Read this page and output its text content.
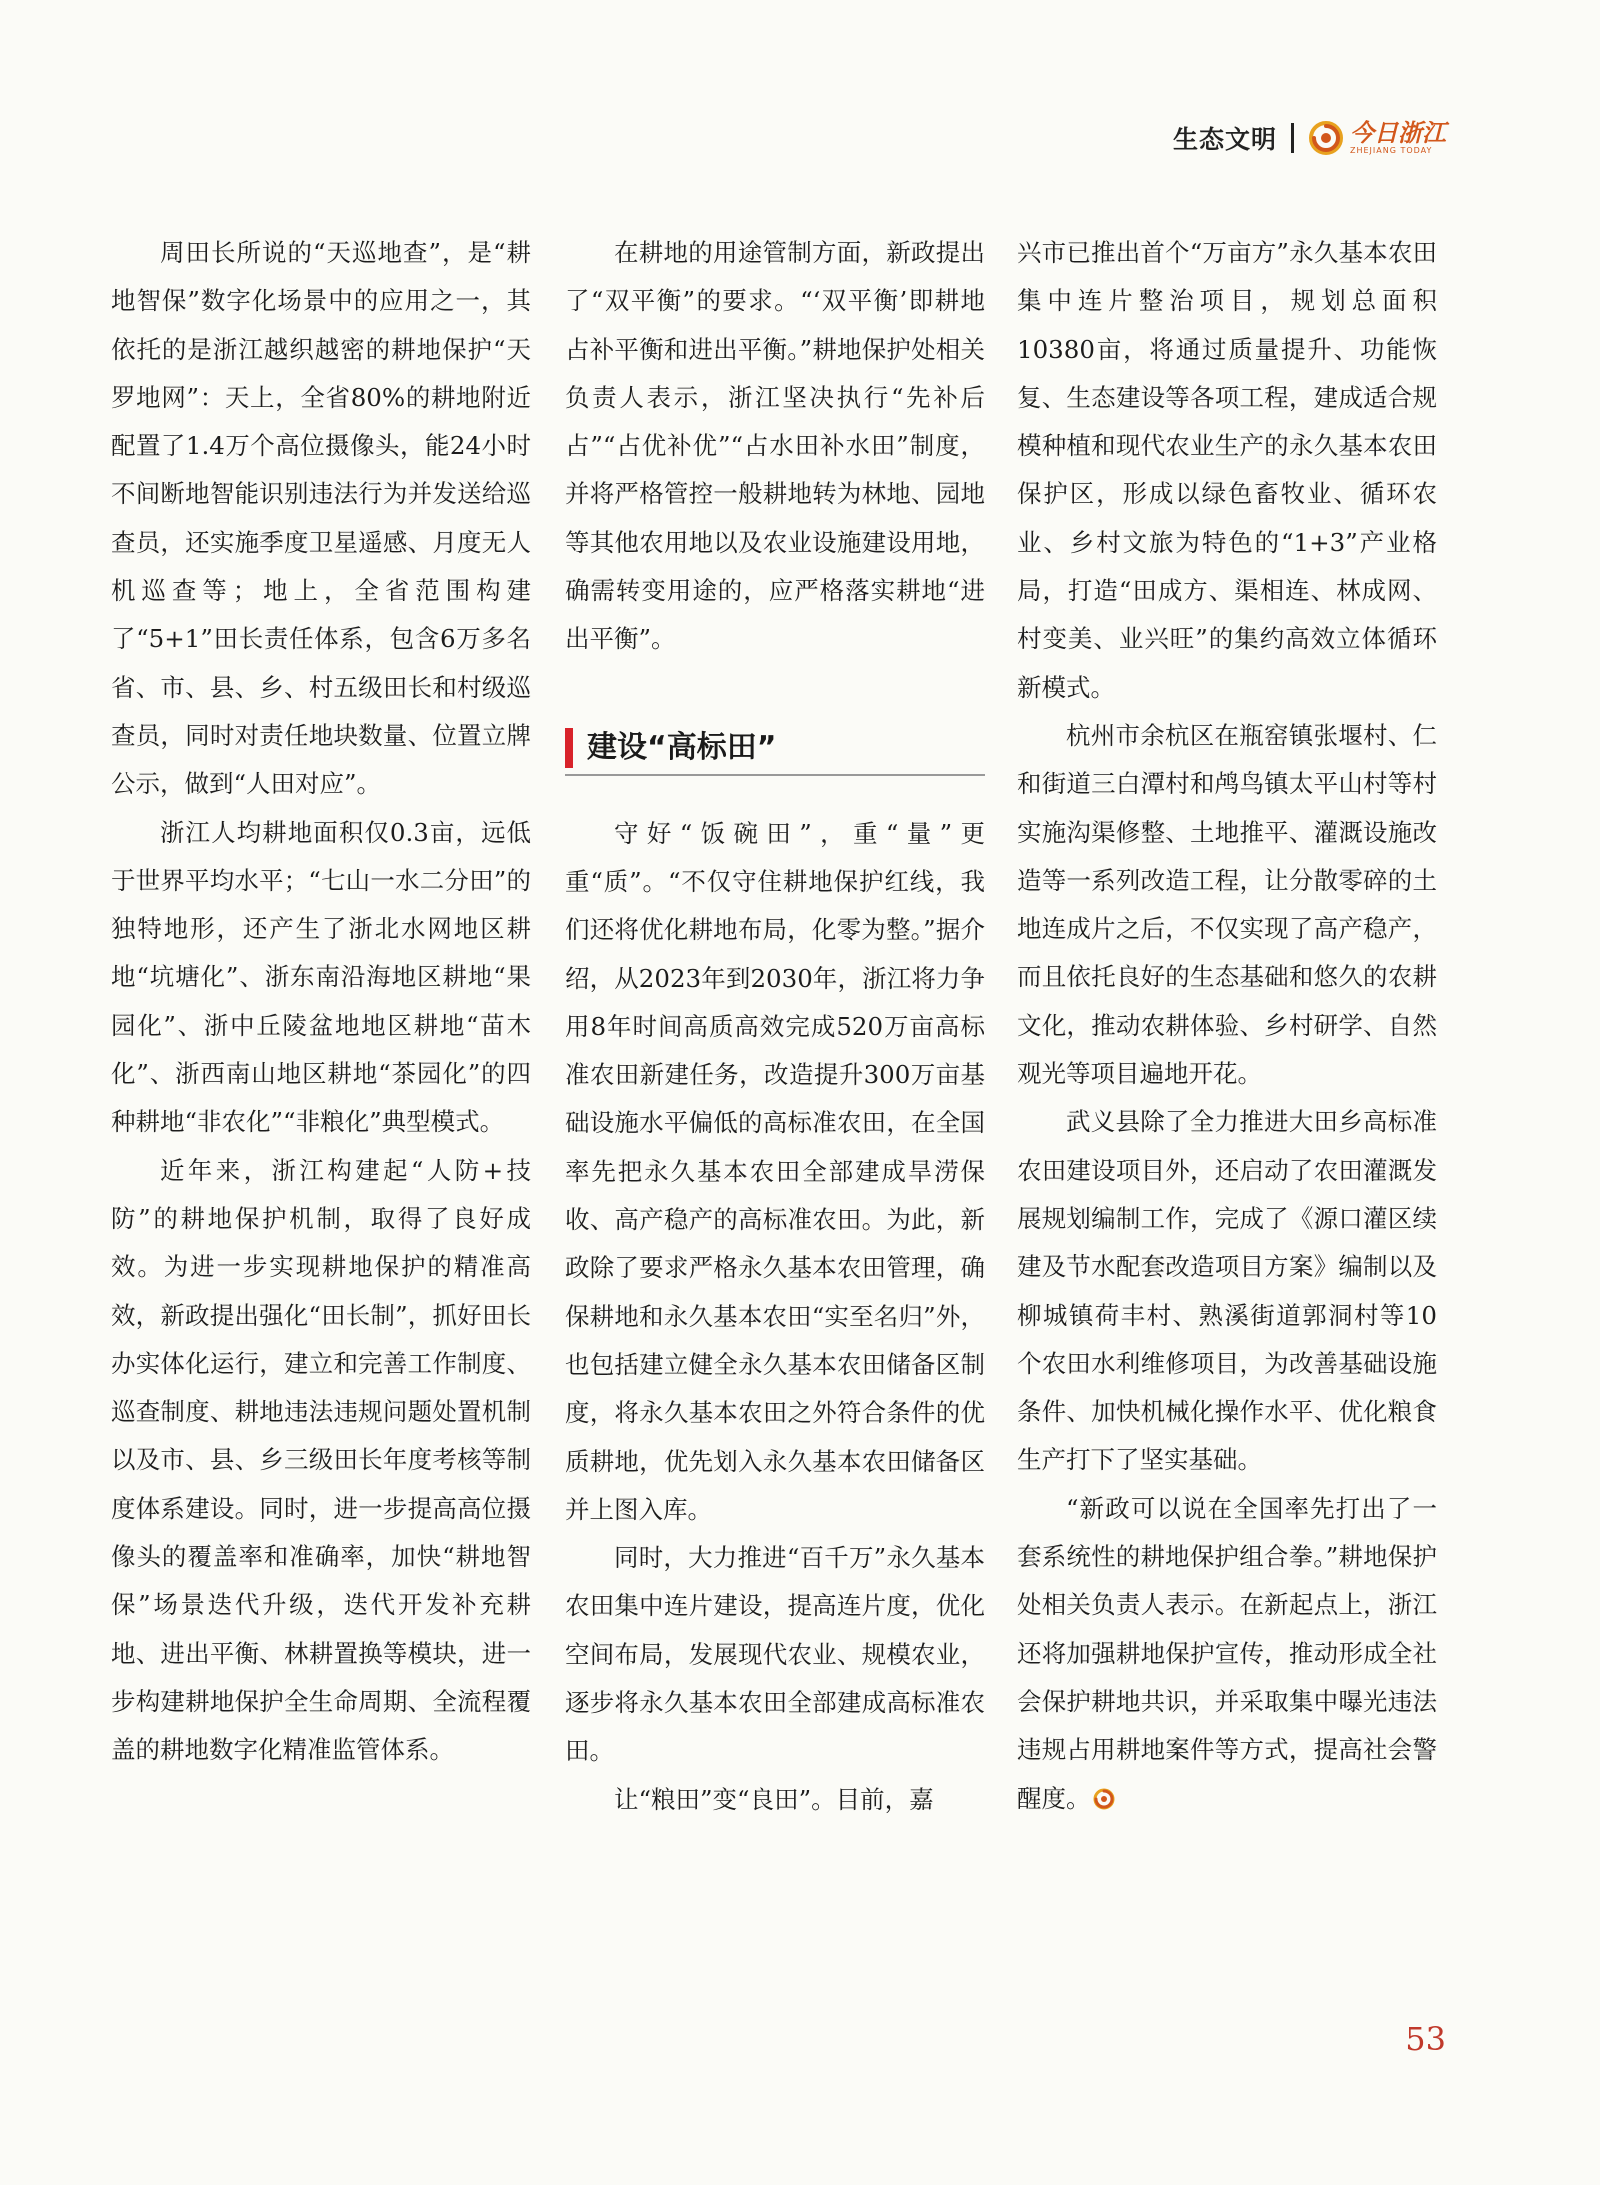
生态文明	今日浙江
ZHEJIANG TODAY

周田长所说的“天巡地查”，是“耕地智保”数字化场景中的应用之一，其依托的是浙江越织越密的耕地保护“天罗地网”：天上，全省80%的耕地附近配置了1.4万个高位摄像头，能24小时不间断地智能识别违法行为并发送给巡查员，还实施季度卫星遥感、月度无人机巡查等；地上，全省范围构建了“5+1”田长责任体系，包含6万多名省、市、县、乡、村五级田长和村级巡查员，同时对责任地块数量、位置立牌公示，做到“人田对应”。

浙江人均耕地面积仅0.3亩，远低于世界平均水平；“七山一水二分田”的独特地形，还产生了浙北水网地区耕地“坑塘化”、浙东南沿海地区耕地“果园化”、浙中丘陵盆地地区耕地“苗木化”、浙西南山地区耕地“茶园化”的四种耕地“非农化”“非粮化”典型模式。

近年来，浙江构建起“人防+技防”的耕地保护机制，取得了良好成效。为进一步实现耕地保护的精准高效，新政提出强化“田长制”，抓好田长办实体化运行，建立和完善工作制度、巡查制度、耕地违法违规问题处置机制以及市、县、乡三级田长年度考核等制度体系建设。同时，进一步提高高位摄像头的覆盖率和准确率，加快“耕地智保”场景迭代升级，迭代开发补充耕地、进出平衡、林耕置换等模块，进一步构建耕地保护全生命周期、全流程覆盖的耕地数字化精准监管体系。

在耕地的用途管制方面，新政提出了“双平衡”的要求。“‘双平衡’即耕地占补平衡和进出平衡。”耕地保护处相关负责人表示，浙江坚决执行“先补后占”“占优补优”“占水田补水田”制度，并将严格管控一般耕地转为林地、园地等其他农用地以及农业设施建设用地，确需转变用途的，应严格落实耕地“进出平衡”。

建设“高标田”

守好“饭碗田”，重“量”更重“质”。“不仅守住耕地保护红线，我们还将优化耕地布局，化零为整。”据介绍，从2023年到2030年，浙江将力争用8年时间高质高效完成520万亩高标准农田新建任务，改造提升300万亩基础设施水平偏低的高标准农田，在全国率先把永久基本农田全部建成旱涝保收、高产稳产的高标准农田。为此，新政除了要求严格永久基本农田管理，确保耕地和永久基本农田“实至名归”外，也包括建立健全永久基本农田储备区制度，将永久基本农田之外符合条件的优质耕地，优先划入永久基本农田储备区并上图入库。

同时，大力推进“百千万”永久基本农田集中连片建设，提高连片度，优化空间布局，发展现代农业、规模农业，逐步将永久基本农田全部建成高标准农田。

让“粮田”变“良田”。目前，嘉

兴市已推出首个“万亩方”永久基本农田集中连片整治项目，规划总面积10380亩，将通过质量提升、功能恢复、生态建设等各项工程，建成适合规模种植和现代农业生产的永久基本农田保护区，形成以绿色畜牧业、循环农业、乡村文旅为特色的“1+3”产业格局，打造“田成方、渠相连、林成网、村变美、业兴旺”的集约高效立体循环新模式。

杭州市余杭区在瓶窑镇张堰村、仁和街道三白潭村和鸬鸟镇太平山村等村实施沟渠修整、土地推平、灌溉设施改造等一系列改造工程，让分散零碎的土地连成片之后，不仅实现了高产稳产，而且依托良好的生态基础和悠久的农耕文化，推动农耕体验、乡村研学、自然观光等项目遍地开花。

武义县除了全力推进大田乡高标准农田建设项目外，还启动了农田灌溉发展规划编制工作，完成了《源口灌区续建及节水配套改造项目方案》编制以及柳城镇荷丰村、熟溪街道郭洞村等10个农田水利维修项目，为改善基础设施条件、加快机械化操作水平、优化粮食生产打下了坚实基础。

“新政可以说在全国率先打出了一套系统性的耕地保护组合拳。”耕地保护处相关负责人表示。在新起点上，浙江还将加强耕地保护宣传，推动形成全社会保护耕地共识，并采取集中曝光违法违规占用耕地案件等方式，提高社会警醒度。

53
